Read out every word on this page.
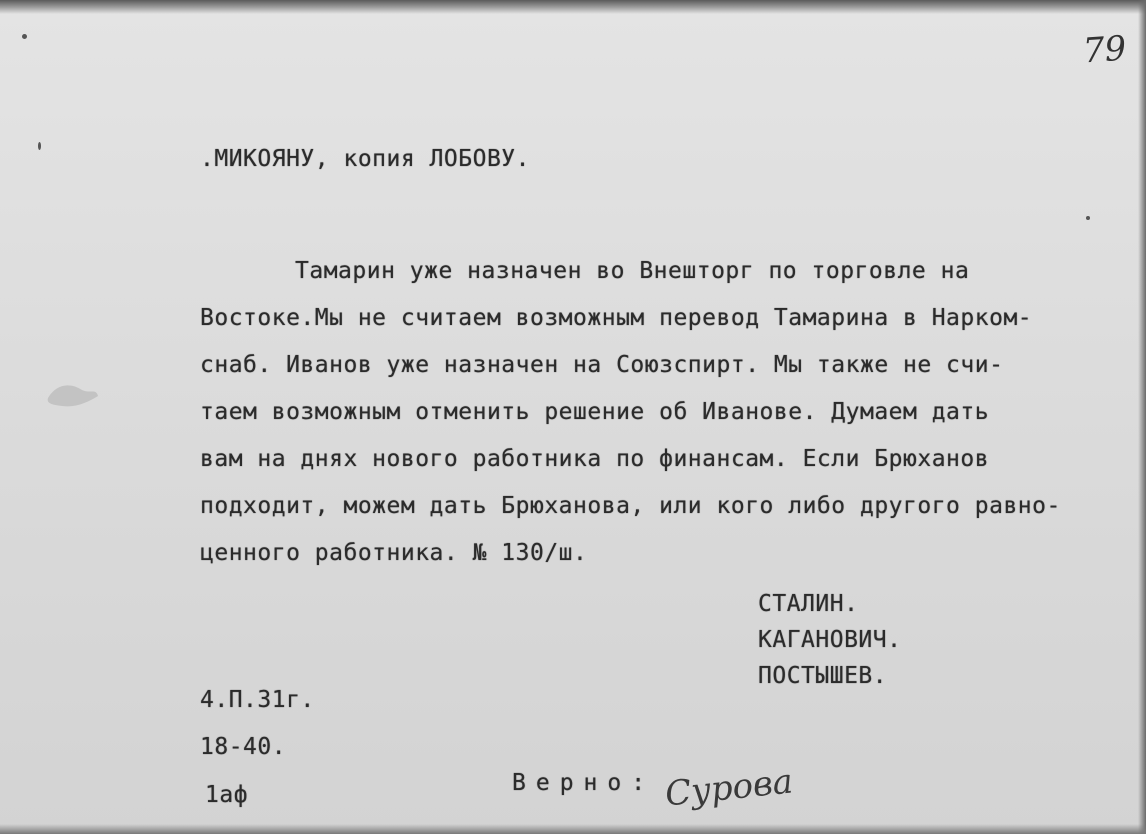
79
.МИКОЯНУ, копия ЛОБОВУ.
Тамарин уже назначен во Внешторг по торговле на
Востоке.Мы не считаем возможным перевод Тамарина в Нарком-
снаб. Иванов уже назначен на Союзспирт. Мы также не счи-
таем возможным отменить решение об Иванове. Думаем дать
вам на днях нового работника по финансам. Если Брюханов
подходит, можем дать Брюханова, или кого либо другого равно-
ценного работника. № 130/ш.
СТАЛИН.
КАГАНОВИЧ.
ПОСТЫШЕВ.
4.П.31г.
18-40.
1аф	Верно: Сурова
